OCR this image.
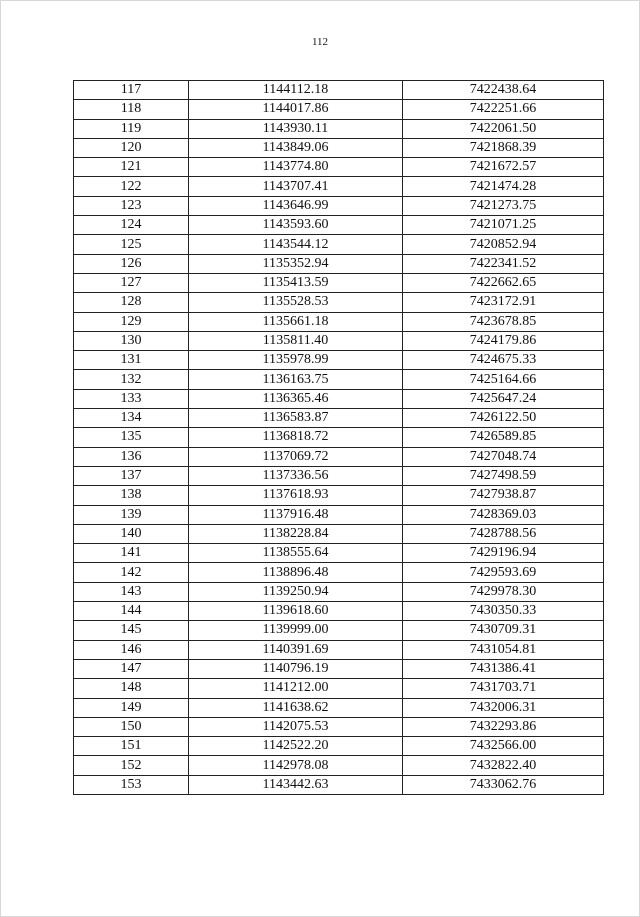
112
117	1144112.18	7422438.64
118	1144017.86	7422251.66
119	1143930.11	7422061.50
120	1143849.06	7421868.39
121	1143774.80	7421672.57
122	1143707.41	7421474.28
123	1143646.99	7421273.75
124	1143593.60	7421071.25
125	1143544.12	7420852.94
126	1135352.94	7422341.52
127	1135413.59	7422662.65
128	1135528.53	7423172.91
129	1135661.18	7423678.85
130	1135811.40	7424179.86
131	1135978.99	7424675.33
132	1136163.75	7425164.66
133	1136365.46	7425647.24
134	1136583.87	7426122.50
135	1136818.72	7426589.85
136	1137069.72	7427048.74
137	1137336.56	7427498.59
138	1137618.93	7427938.87
139	1137916.48	7428369.03
140	1138228.84	7428788.56
141	1138555.64	7429196.94
142	1138896.48	7429593.69
143	1139250.94	7429978.30
144	1139618.60	7430350.33
145	1139999.00	7430709.31
146	1140391.69	7431054.81
147	1140796.19	7431386.41
148	1141212.00	7431703.71
149	1141638.62	7432006.31
150	1142075.53	7432293.86
151	1142522.20	7432566.00
152	1142978.08	7432822.40
153	1143442.63	7433062.76
